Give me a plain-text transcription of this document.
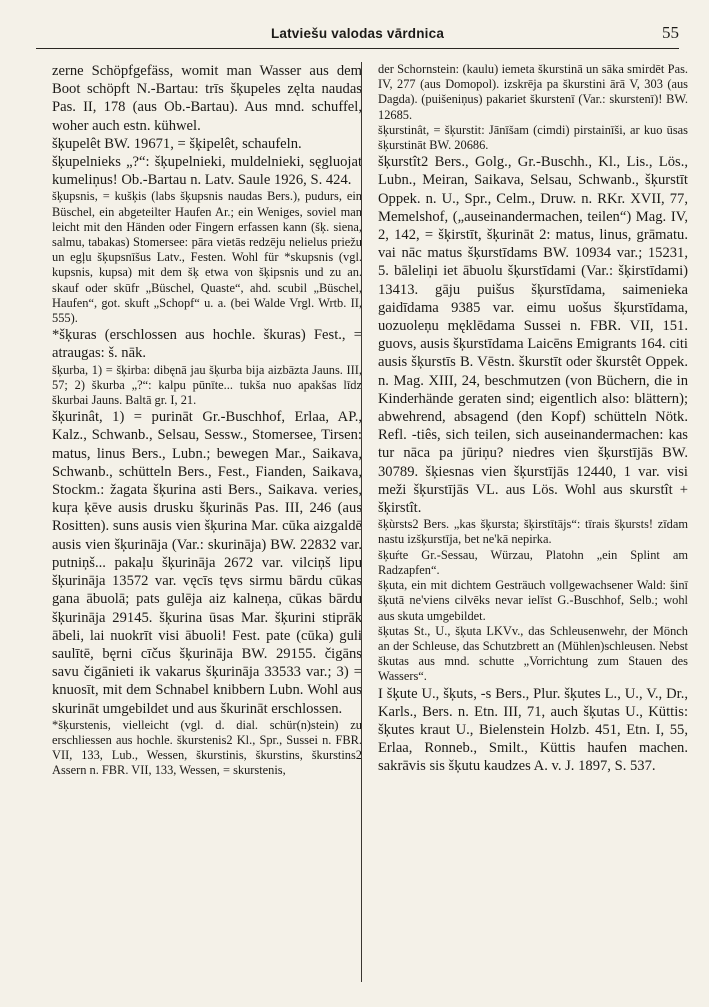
Latviešu valodas vārdnica	55

zerne Schöpfgefäss, womit man Wasser aus dem Boot schöpft N.-Bartau: trīs šķupeles zęlta naudas Pas. II, 178 (aus Ob.-Bartau). Aus mnd. schuffel, woher auch estn. kühwel.

šķupelêt BW. 19671, = šķipelêt, schaufeln.

šķupelnieks „?“: šķupelnieki, muldelnieki, sęgluojat kumeliņus! Ob.-Bartau n. Latv. Saule 1926, S. 424.

šķupsnis, = kušķis (labs šķupsnis naudas Bers.), pudurs, ein Büschel, ein abgeteilter Haufen Ar.; ein Weniges, soviel man leicht mit den Händen oder Fingern erfassen kann (šķ. siena, salmu, tabakas) Stomersee: pāra vietās redzēju nelielus priežu un egļu šķupsnīšus Latv., Festen. Wohl für *skupsnis (vgl. kupsnis, kupsa) mit dem šķ etwa von šķipsnis und zu an. skauf oder skūfr „Büschel, Quaste“, ahd. scubil „Büschel, Haufen“, got. skuft „Schopf“ u. a. (bei Walde Vrgl. Wrtb. II, 555).

*šķuras (erschlossen aus hochle. škuras) Fest., = atraugas: š. nāk.

šķurba, 1) = šķirba: dibęnā jau šķurba bija aizbāzta Jauns. III, 57; 2) škurba „?“: kalpu pūnīte... tukša nuo apakšas līdz škurbai Jauns. Baltā gr. I, 21.

šķurinât, 1) = purināt Gr.-Buschhof, Erlaa, AP., Kalz., Schwanb., Selsau, Sessw., Stomersee, Tirsen: matus, linus Bers., Lubn.; bewegen Mar., Saikava, Schwanb., schütteln Bers., Fest., Fianden, Saikava, Stockm.: žagata šķurina asti Bers., Saikava. veries, kuŗa ķēve ausis drusku šķurinās Pas. III, 246 (aus Rositten). suns ausis vien šķurina Mar. cūka aizgaldē ausis vien šķurināja (Var.: skurināja) BW. 22832 var. putniņš... pakaļu šķurināja 2672 var. vilciņš lipu šķurināja 13572 var. vęcīs tęvs sirmu bārdu cūkas gana ābuolā; pats gulēja aiz kalneņa, cūkas bārdu šķurināja 29145. šķurina ūsas Mar. šķurini stiprāk ābeli, lai nuokrīt visi ābuoli! Fest. pate (cūka) guli saulītē, bęrni cīčus šķurināja BW. 29155. čigāns savu čigānieti ik vakarus šķurināja 33533 var.; 3) = knuosīt, mit dem Schnabel knibbern Lubn. Wohl aus skurināt umgebildet und aus škurināt erschlossen.

*šķurstenis, vielleicht (vgl. d. dial. schür(n)stein) zu erschliessen aus hochle. škurstenis2 Kl., Spr., Sussei n. FBR. VII, 133, Lub., Wessen, škurstinis, škurstins, škurstins2 Assern n. FBR. VII, 133, Wessen, = skurstenis,

der Schornstein: (kaulu) iemeta škurstinā un sāka smirdēt Pas. IV, 277 (aus Domopol). izskrēja pa škurstini ārā V, 303 (aus Dagda). (puišeniņus) pakariet škurstenī (Var.: skurstenī)! BW. 12685.

šķurstinât, = šķurstit: Jānīšam (cimdi) pirstainīši, ar kuo ūsas šķurstināt BW. 20686.

šķurstît2 Bers., Golg., Gr.-Buschh., Kl., Lis., Lös., Lubn., Meiran, Saikava, Selsau, Schwanb., šķurstīt Oppek. n. U., Spr., Celm., Druw. n. RKr. XVII, 77, Memelshof, („auseinandermachen, teilen“) Mag. IV, 2, 142, = šķirstīt, šķurināt 2: matus, linus, grāmatu. vai nāc matus šķurstīdams BW. 10934 var.; 15231, 5. bāleliņi iet ābuolu šķurstīdami (Var.: šķirstīdami) 13413. gāju puišus šķurstīdama, saimenieka gaidīdama 9385 var. eimu uošus šķurstīdama, uozuoleņu męklēdama Sussei n. FBR. VII, 151. guovs, ausis šķurstīdama Laicēns Emigrants 164. citi ausis šķurstīs B. Vēstn. škurstīt oder škurstêt Oppek. n. Mag. XIII, 24, beschmutzen (von Büchern, die in Kinderhände geraten sind; eigentlich also: blättern); abwehrend, absagend (den Kopf) schütteln Nötk. Refl. -tiês, sich teilen, sich auseinandermachen: kas tur nāca pa jūriņu? niedres vien šķurstījās BW. 30789. šķiesnas vien šķurstījās 12440, 1 var. visi meži šķurstījās VL. aus Lös. Wohl aus skurstît + šķirstît.

šķùrsts2 Bers. „kas šķursta; šķirstītājs“: tīrais šķursts! zīdam nastu izšķurstīja, bet ne'kā nepirka.

šķuŕte Gr.-Sessau, Würzau, Platohn „ein Splint am Radzapfen“.

šķuta, ein mit dichtem Gesträuch vollgewachsener Wald: šinī šķutā ne'viens cilvēks nevar ielīst G.-Buschhof, Selb.; wohl aus skuta umgebildet.

šķutas St., U., šķuta LKVv., das Schleusenwehr, der Mönch an der Schleuse, das Schutzbrett an (Mühlen)schleusen. Nebst škutas aus mnd. schutte „Vorrichtung zum Stauen des Wassers“.

I šķute U., šķuts, -s Bers., Plur. šķutes L., U., V., Dr., Karls., Bers. n. Etn. III, 71, auch šķutas U., Küttis: šķutes kraut U., Bielenstein Holzb. 451, Etn. I, 55, Erlaa, Ronneb., Smilt., Küttis haufen machen. sakrāvis sis šķutu kaudzes A. v. J. 1897, S. 537.
